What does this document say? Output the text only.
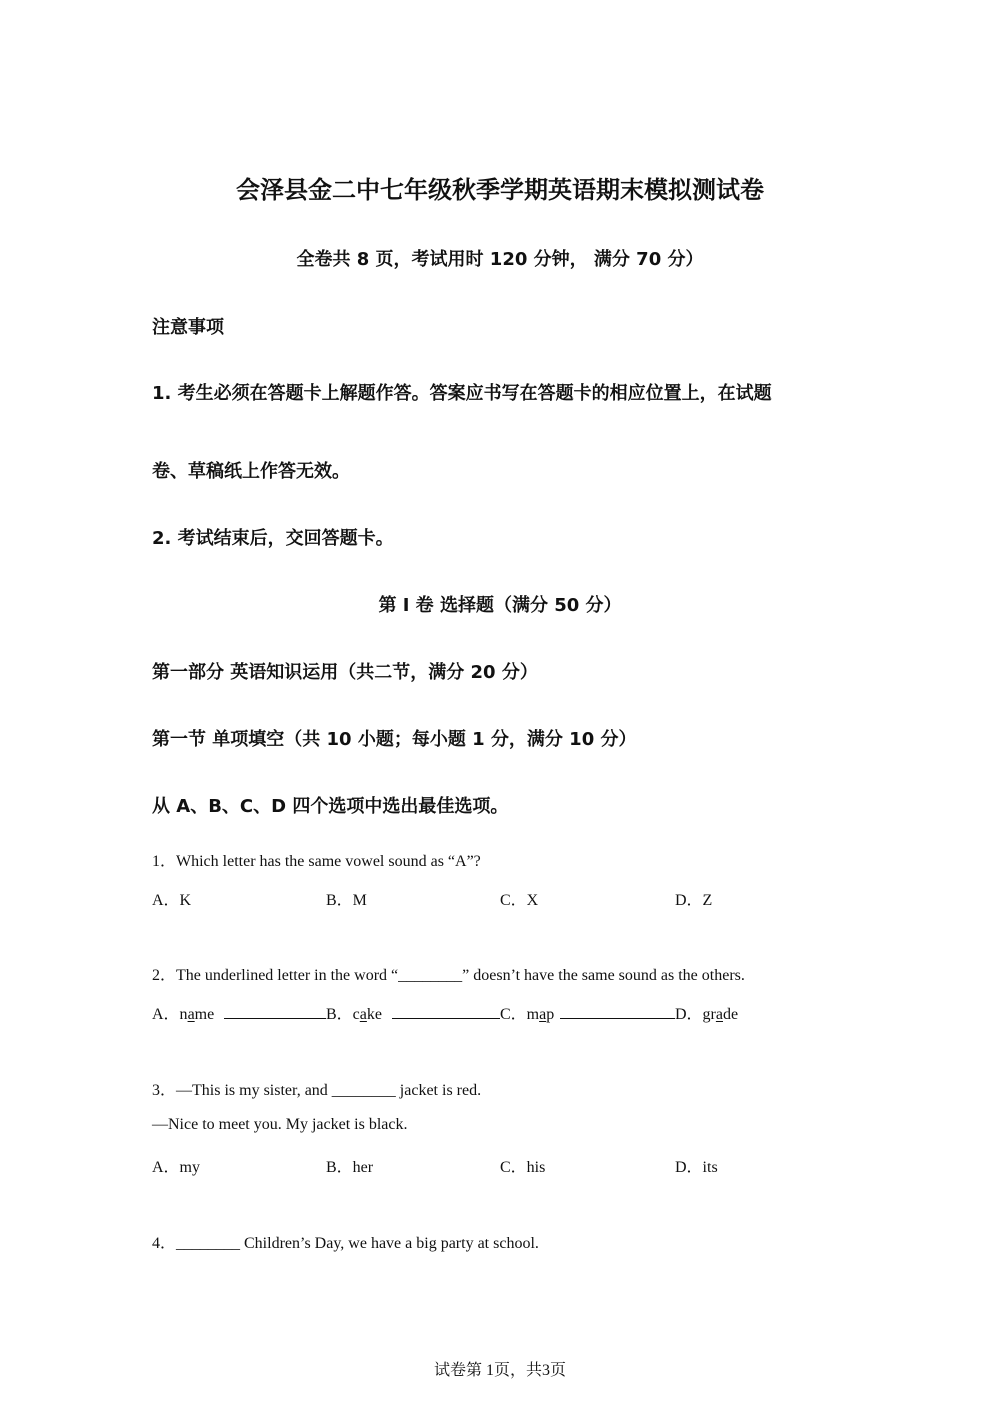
会泽县金二中七年级秋季学期英语期末模拟测试卷
全卷共 8 页，考试用时 120 分钟， 满分 70 分）
注意事项
1. 考生必须在答题卡上解题作答。答案应书写在答题卡的相应位置上，在试题
卷、草稿纸上作答无效。
2. 考试结束后，交回答题卡。
第 I 卷 选择题（满分 50 分）
第一部分 英语知识运用（共二节，满分 20 分）
第一节 单项填空（共 10 小题；每小题 1 分，满分 10 分）
从 A、B、C、D 四个选项中选出最佳选项。
1．Which letter has the same vowel sound as “A”?
A．K	B．M	C．X	D．Z
2．The underlined letter in the word “________” doesn’t have the same sound as the others.
A．name	B．cake	C．map	D．grade
3．—This is my sister, and ________ jacket is red.
—Nice to meet you. My jacket is black.
A．my	B．her	C．his	D．its
4．________ Children’s Day, we have a big party at school.
试卷第 1页，共3页
